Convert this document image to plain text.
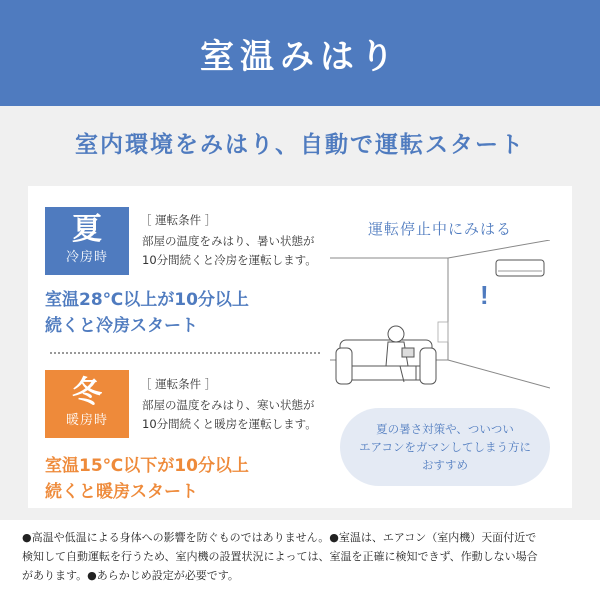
室温みはり
室内環境をみはり、自動で運転スタート
夏
冷房時
［ 運転条件 ］
部屋の温度をみはり、暑い状態が
10分間続くと冷房を運転します。
室温28℃以上が10分以上
続くと冷房スタート
冬
暖房時
［ 運転条件 ］
部屋の温度をみはり、寒い状態が
10分間続くと暖房を運転します。
室温15℃以下が10分以上
続くと暖房スタート
運転停止中にみはる
!
夏の暑さ対策や、ついつい
エアコンをガマンしてしまう方に
おすすめ
●高温や低温による身体への影響を防ぐものではありません。●室温は、エアコン（室内機）天面付近で
検知して自動運転を行うため、室内機の設置状況によっては、室温を正確に検知できず、作動しない場合
があります。●あらかじめ設定が必要です。
